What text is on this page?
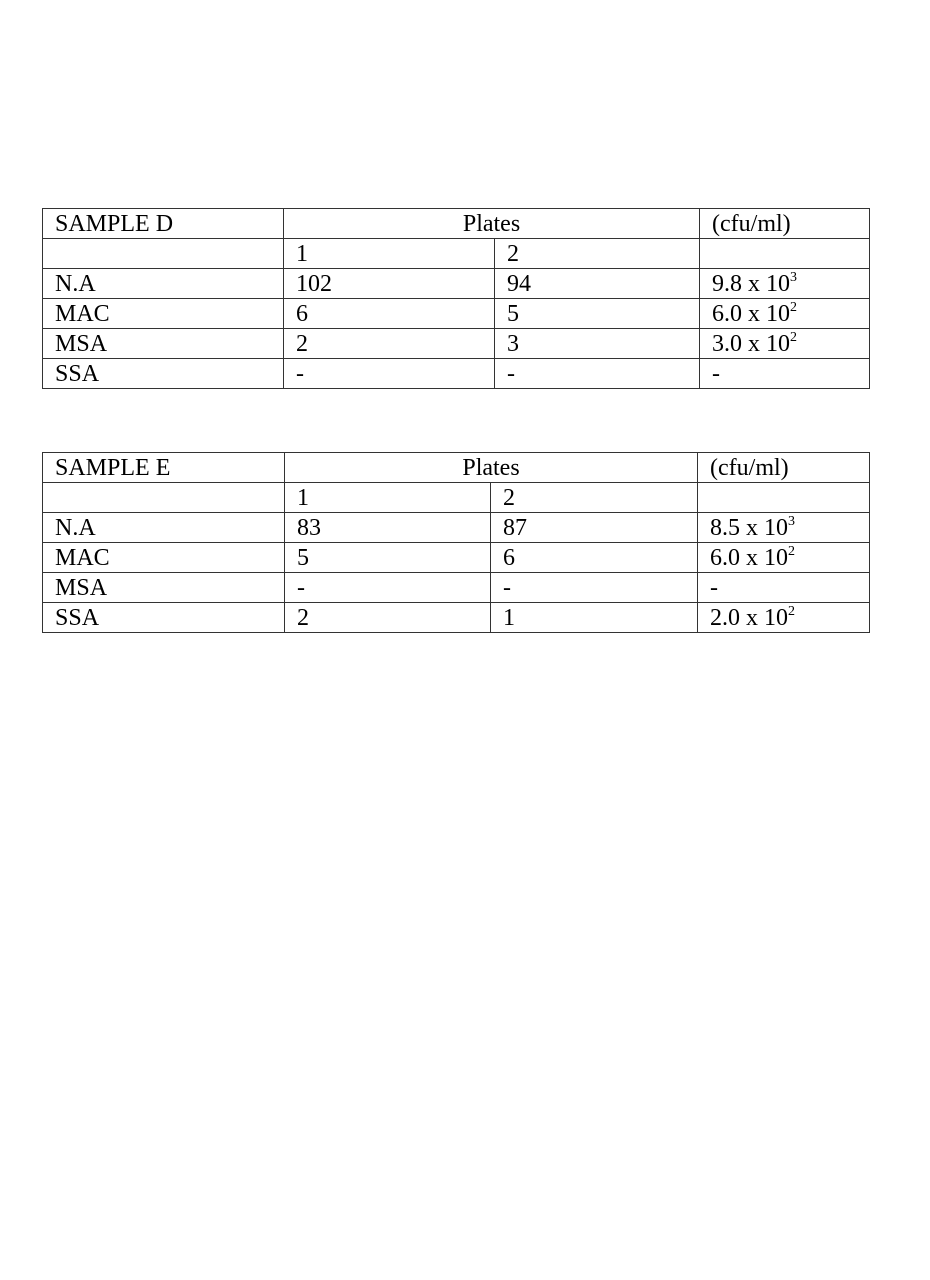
SAMPLE D	Plates		(cfu/ml)
	1	2	
N.A	102	94	9.8 x $10^3$
MAC	6	5	6.0 x $10^2$
MSA	2	3	3.0 x $10^2$
SSA	-	-	-
SAMPLE E	Plates		(cfu/ml)
	1	2	
N.A	83	87	8.5 x $10^3$
MAC	5	6	6.0 x $10^2$
MSA	-	-	-
SSA	2	1	2.0 x $10^2$
